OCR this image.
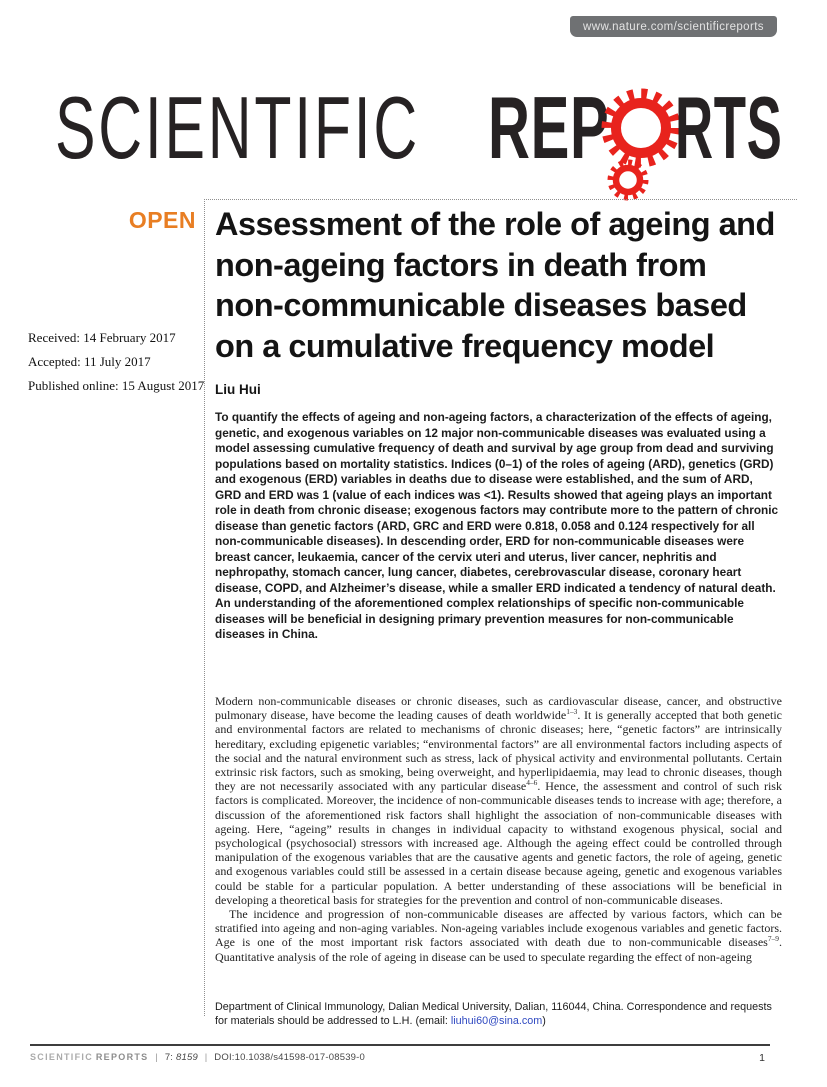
www.nature.com/scientificreports
SCIENTIFIC REP RTS
OPEN
Received: 14 February 2017
Accepted: 11 July 2017
Published online: 15 August 2017
Assessment of the role of ageing and non-ageing factors in death from non-communicable diseases based on a cumulative frequency model
Liu Hui
To quantify the effects of ageing and non-ageing factors, a characterization of the effects of ageing, genetic, and exogenous variables on 12 major non-communicable diseases was evaluated using a model assessing cumulative frequency of death and survival by age group from dead and surviving populations based on mortality statistics. Indices (0–1) of the roles of ageing (ARD), genetics (GRD) and exogenous (ERD) variables in deaths due to disease were established, and the sum of ARD, GRD and ERD was 1 (value of each indices was <1). Results showed that ageing plays an important role in death from chronic disease; exogenous factors may contribute more to the pattern of chronic disease than genetic factors (ARD, GRC and ERD were 0.818, 0.058 and 0.124 respectively for all non-communicable diseases). In descending order, ERD for non-communicable diseases were breast cancer, leukaemia, cancer of the cervix uteri and uterus, liver cancer, nephritis and nephropathy, stomach cancer, lung cancer, diabetes, cerebrovascular disease, coronary heart disease, COPD, and Alzheimer’s disease, while a smaller ERD indicated a tendency of natural death. An understanding of the aforementioned complex relationships of specific non-communicable diseases will be beneficial in designing primary prevention measures for non-communicable diseases in China.

Modern non-communicable diseases or chronic diseases, such as cardiovascular disease, cancer, and obstructive pulmonary disease, have become the leading causes of death worldwide$^{1-3}$. It is generally accepted that both genetic and environmental factors are related to mechanisms of chronic diseases; here, “genetic factors” are intrinsically hereditary, excluding epigenetic variables; “environmental factors” are all environmental factors including aspects of the social and the natural environment such as stress, lack of physical activity and environmental pollutants. Certain extrinsic risk factors, such as smoking, being overweight, and hyperlipidaemia, may lead to chronic diseases, though they are not necessarily associated with any particular disease$^{4-6}$. Hence, the assessment and control of such risk factors is complicated. Moreover, the incidence of non-communicable diseases tends to increase with age; therefore, a discussion of the aforementioned risk factors shall highlight the association of non-communicable diseases with ageing. Here, “ageing” results in changes in individual capacity to withstand exogenous physical, social and psychological (psychosocial) stressors with increased age. Although the ageing effect could be controlled through manipulation of the exogenous variables that are the causative agents and genetic factors, the role of ageing, genetic and exogenous variables could still be assessed in a certain disease because ageing, genetic and exogenous variables could be stable for a particular population. A better understanding of these associations will be beneficial in developing a theoretical basis for strategies for the prevention and control of non-communicable diseases.

The incidence and progression of non-communicable diseases are affected by various factors, which can be stratified into ageing and non-aging variables. Non-ageing variables include exogenous variables and genetic factors. Age is one of the most important risk factors associated with death due to non-communicable diseases$^{7-9}$. Quantitative analysis of the role of ageing in disease can be used to speculate regarding the effect of non-ageing

Department of Clinical Immunology, Dalian Medical University, Dalian, 116044, China. Correspondence and requests for materials should be addressed to L.H. (email: liuhui60@sina.com)
SCIENTIFIC REPORTS | 7: 8159 | DOI:10.1038/s41598-017-08539-0	1
